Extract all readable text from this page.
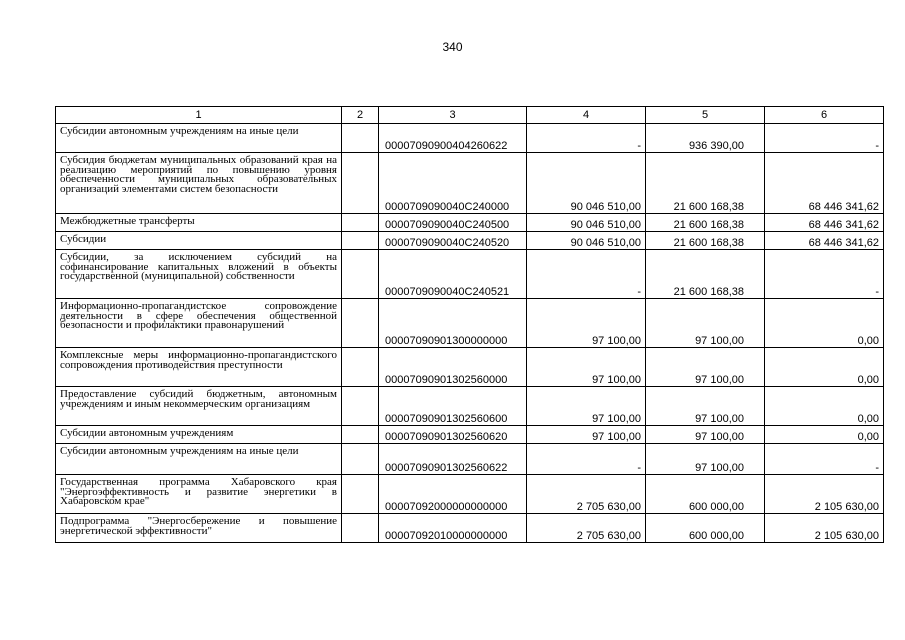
340
1	2	3	4	5	6
Субсидии автономным учреждениям на иные цели		00007090900404260622	-	936 390,00	-
Субсидия бюджетам муниципальных образований края на реализацию мероприятий по повышению уровня обеспеченности муниципальных образовательных организаций элементами систем безопасности		0000709090040С240000	90 046 510,00	21 600 168,38	68 446 341,62
Межбюджетные трансферты		0000709090040С240500	90 046 510,00	21 600 168,38	68 446 341,62
Субсидии		0000709090040С240520	90 046 510,00	21 600 168,38	68 446 341,62
Субсидии, за исключением субсидий на софинансирование капитальных вложений в объекты государственной (муниципальной) собственности		0000709090040С240521	-	21 600 168,38	-
Информационно-пропагандистское сопровождение деятельности в сфере обеспечения общественной безопасности и профилактики правонарушений		00007090901300000000	97 100,00	97 100,00	0,00
Комплексные меры информационно-пропагандистского сопровождения противодействия преступности		00007090901302560000	97 100,00	97 100,00	0,00
Предоставление субсидий бюджетным, автономным учреждениям и иным некоммерческим организациям		00007090901302560600	97 100,00	97 100,00	0,00
Субсидии автономным учреждениям		00007090901302560620	97 100,00	97 100,00	0,00
Субсидии автономным учреждениям на иные цели		00007090901302560622	-	97 100,00	-
Государственная программа Хабаровского края "Энергоэффективность и развитие энергетики в Хабаровском крае"		00007092000000000000	2 705 630,00	600 000,00	2 105 630,00
Подпрограмма "Энергосбережение и повышение энергетической эффективности"		00007092010000000000	2 705 630,00	600 000,00	2 105 630,00
